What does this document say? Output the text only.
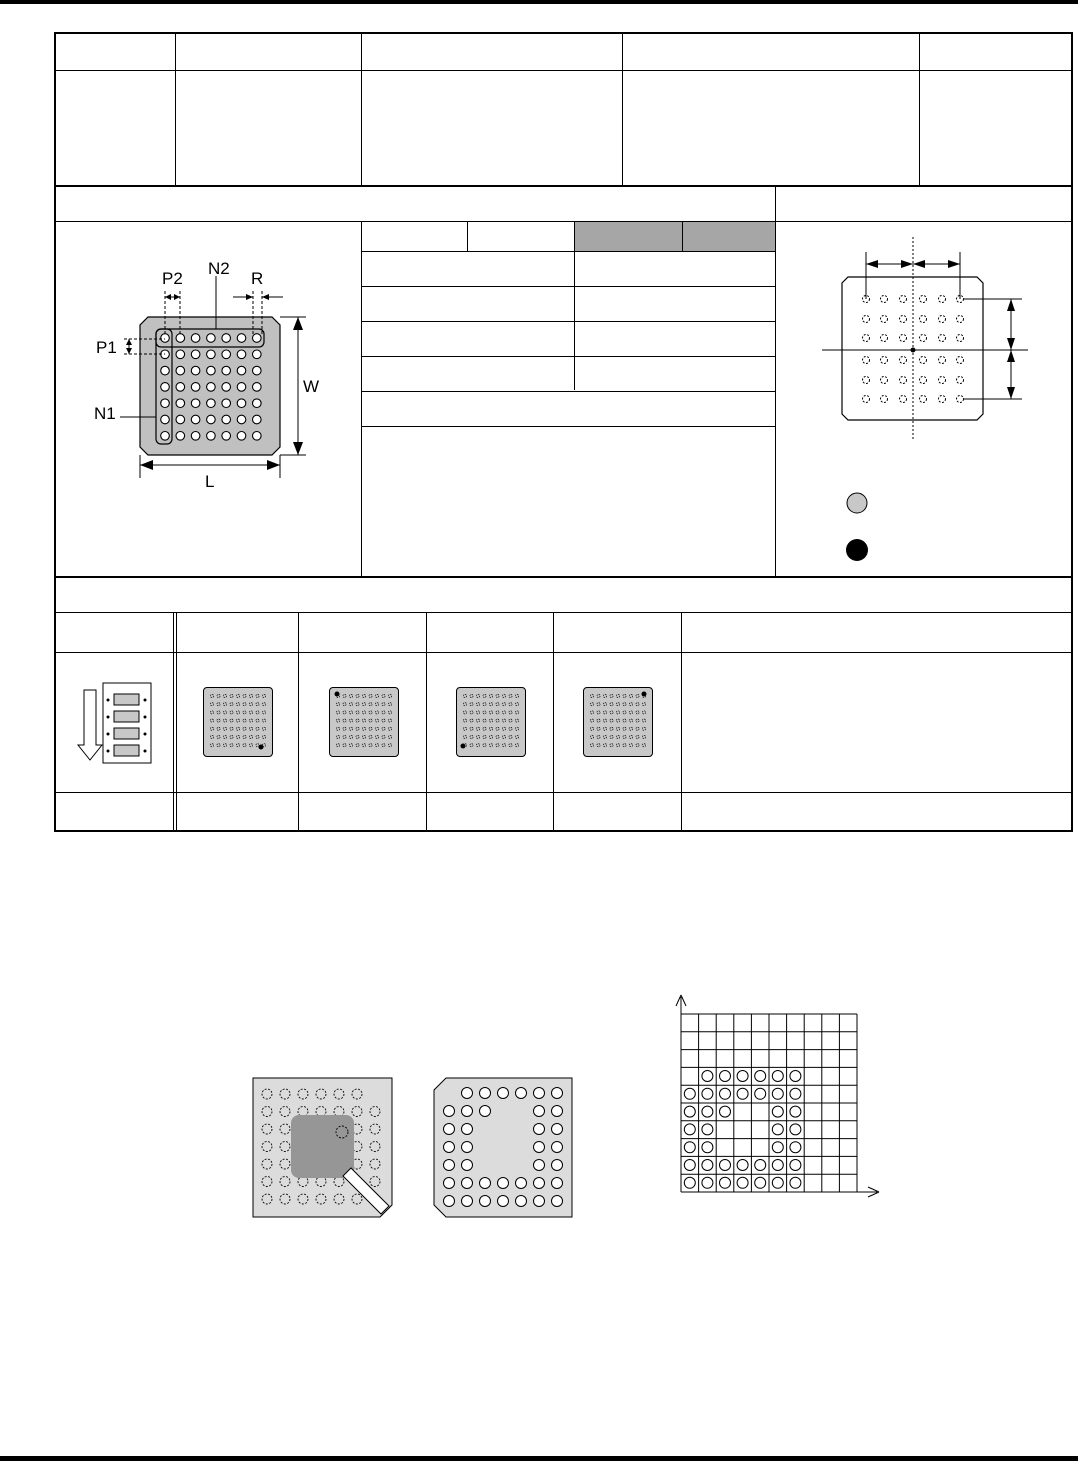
P2
N2
R
P1
N1
W
L
